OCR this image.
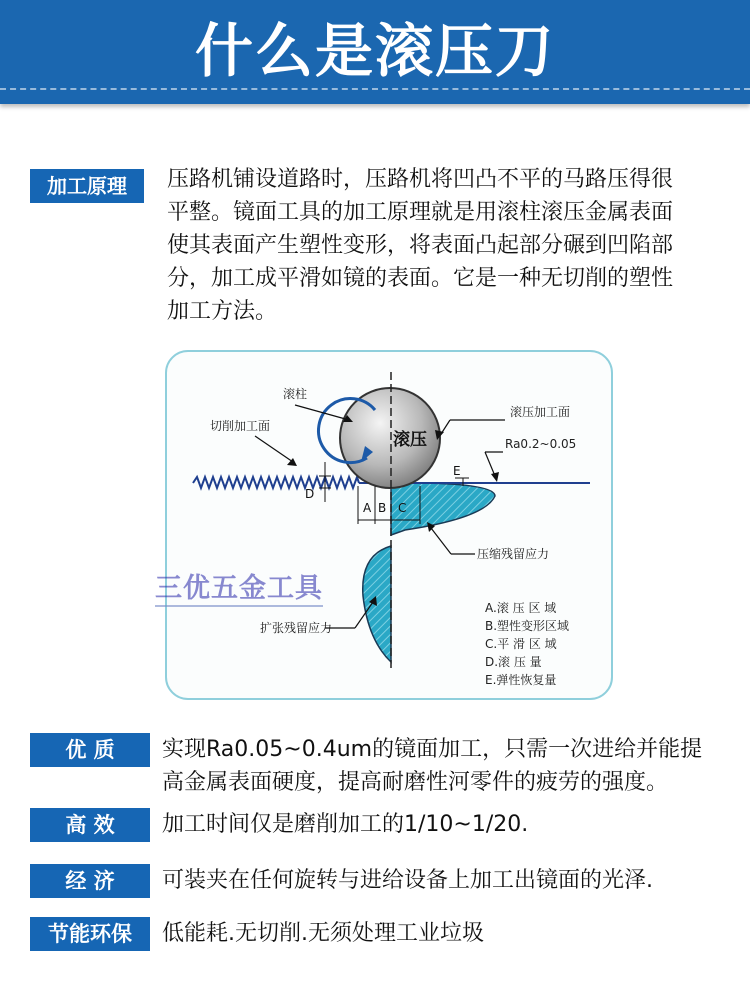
什么是滚压刀
加工原理	压路机铺设道路时，压路机将凹凸不平的马路压得很
平整。镜面工具的加工原理就是用滚柱滚压金属表面
使其表面产生塑性变形，将表面凸起部分碾到凹陷部
分，加工成平滑如镜的表面。它是一种无切削的塑性
加工方法。
滚压
滚柱
切削加工面
滚压加工面
Ra0.2~0.05
E
D
A B C
压缩残留应力
扩张残留应力
A.滚 压 区 域
B.塑性变形区域
C.平 滑 区 域
D.滚 压 量
E.弹性恢复量
三优五金工具
优 质	实现Ra0.05~0.4um的镜面加工，只需一次进给并能提
高金属表面硬度，提高耐磨性河零件的疲劳的强度。
高 效	加工时间仅是磨削加工的1/10~1/20.
经 济	可装夹在任何旋转与进给设备上加工出镜面的光泽.
节能环保	低能耗.无切削.无须处理工业垃圾
